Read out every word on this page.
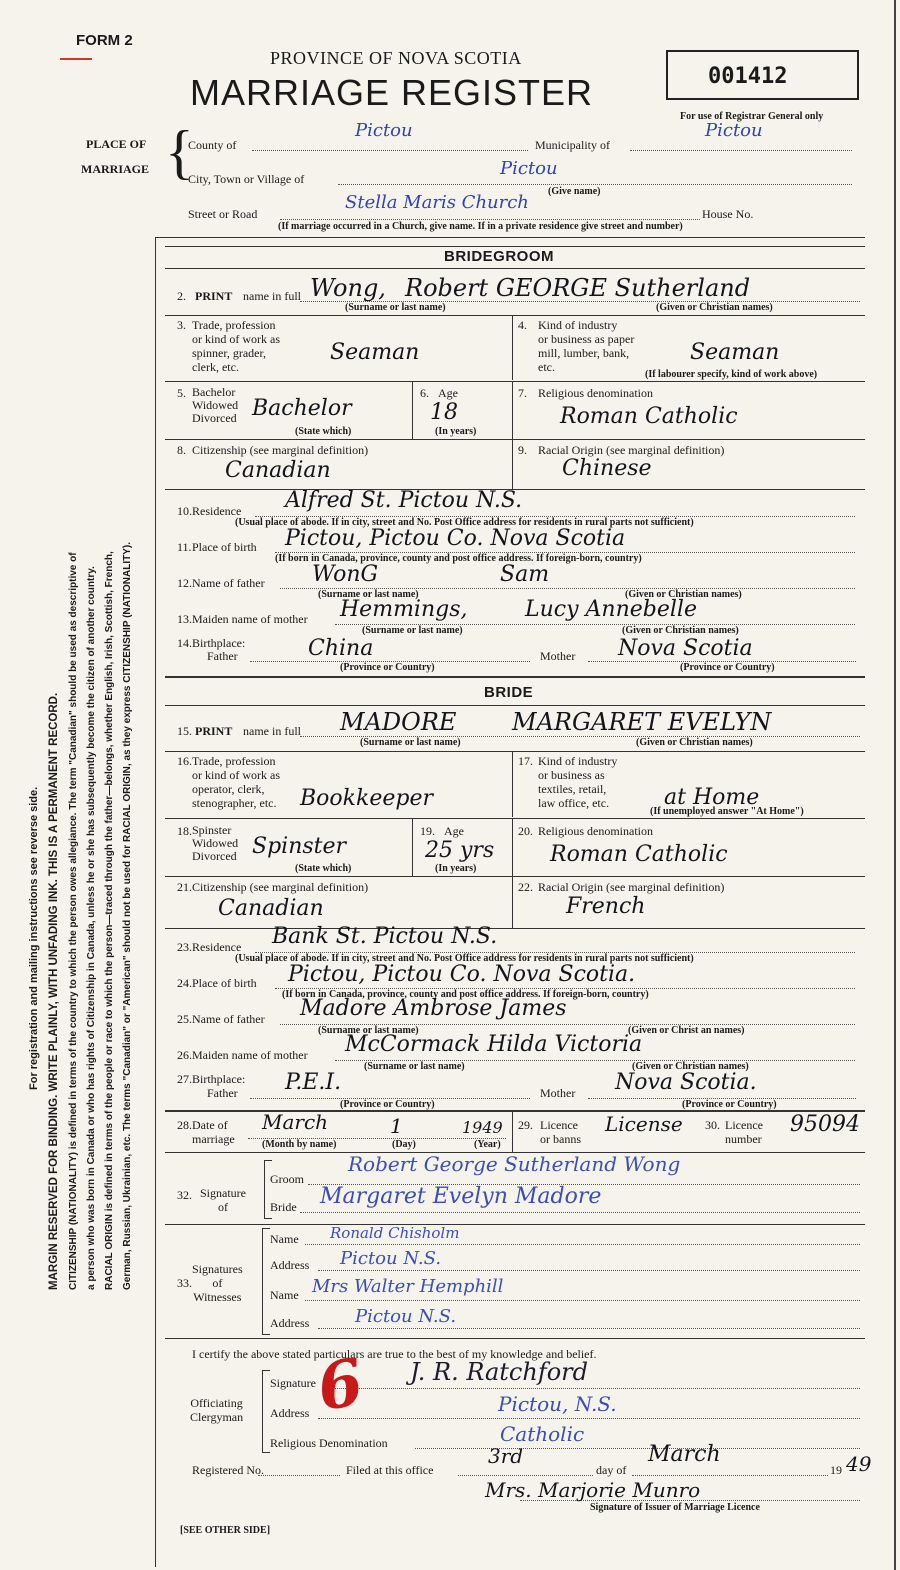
FORM 2
PROVINCE OF NOVA SCOTIA
MARRIAGE REGISTER	001412
For use of Registrar General only
PLACE OF
MARRIAGE {
County of
Pictou
Municipality of
Pictou
City, Town or Village of	Pictou
(Give name)
Street or Road
Stella Maris Church
House No.
(If marriage occurred in a Church, give name. If in a private residence give street and number)
For registration and mailing instructions see reverse side. MARGIN RESERVED FOR BINDING. WRITE PLAINLY, WITH UNFADING INK. THIS IS A PERMANENT RECORD. CITIZENSHIP (NATIONALITY) is defined in terms of the country to which the person owes allegiance. The term "Canadian" should be used as descriptive of a person who was born in Canada or who has rights of Citizenship in Canada, unless he or she has subsequently become the citizen of another country. RACIAL ORIGIN is defined in terms of the people or race to which the person—traced through the father—belongs, whether English, Irish, Scottish, French, German, Russian, Ukrainian, etc. The terms "Canadian" or "American" should not be used for RACIAL ORIGIN, as they express CITIZENSHIP (NATIONALITY).
BRIDEGROOM
2. PRINT name in full Wong, Robert GEORGE Sutherland
(Surname or last name)	(Given or Christian names)
3. Trade, profession
or kind of work as
spinner, grader,
clerk, etc.
Seaman
4. Kind of industry
or business as paper
mill, lumber, bank,
etc.
Seaman
(If labourer specify, kind of work above)
5. Bachelor
Widowed
Divorced Bachelor
(State which)
6. Age
18
(In years)
7. Religious denomination
Roman Catholic
8. Citizenship (see marginal definition)
Canadian
9. Racial Origin (see marginal definition)
Chinese
10. Residence Alfred St. Pictou N.S.
(Usual place of abode. If in city, street and No. Post Office address for residents in rural parts not sufficient)
11. Place of birth Pictou, Pictou Co. Nova Scotia
(If born in Canada, province, county and post office address. If foreign-born, country)
12. Name of father WonG	Sam
(Surname or last name)	(Given or Christian names)
13. Maiden name of mother Hemmings,	Lucy Annebelle
(Surname or last name)	(Given or Christian names)
14. Birthplace:
Father	China	Mother Nova Scotia
(Province or Country)	(Province or Country)
BRIDE
15. PRINT name in full MADORE MARGARET EVELYN
(Surname or last name)	(Given or Christian names)
16. Trade, profession
or kind of work as
operator, clerk,
stenographer, etc. Bookkeeper
17. Kind of industry
or business as
textiles, retail,
law office, etc.	at Home
(If unemployed answer "At Home")
18. Spinster
Widowed
Divorced Spinster
(State which)
19. Age
25 yrs
(In years)
20. Religious denomination
Roman Catholic
21. Citizenship (see marginal definition)
Canadian
22. Racial Origin (see marginal definition)
French
23. Residence Bank St. Pictou N.S.
(Usual place of abode. If in city, street and No. Post Office address for residents in rural parts not sufficient)
24. Place of birth Pictou, Pictou Co. Nova Scotia.
(If born in Canada, province, county and post office address. If foreign-born, country)
25. Name of father Madore Ambrose James
(Surname or last name)	(Given or Christ an names)
26. Maiden name of mother McCormack Hilda Victoria
(Surname or last name)	(Given or Christian names)
27. Birthplace:
Father P.E.I.	Mother Nova Scotia.
(Province or Country)	(Province or Country)
28. Date of
marriage
March	1	1949
(Month by name)	(Day)	(Year)
29. Licence
or banns
License 30. Licence
number
95094
32. Signature
of
Groom
Robert George Sutherland Wong
Bride Margaret Evelyn Madore
33.
Signatures
of
Witnesses
Name Ronald Chisholm
Address Pictou N.S.
Name Mrs Walter Hemphill
Address	Pictou N.S.
I certify the above stated particulars are true to the best of my knowledge and belief.
Officiating
Clergyman
Signature	J. R. Ratchford
Address	Pictou, N.S.
Religious Denomination	Catholic
6
Registered No.	Filed at this office
3rd
day of
March
19 49
Mrs. Marjorie Munro
Signature of Issuer of Marriage Licence
[SEE OTHER SIDE]
